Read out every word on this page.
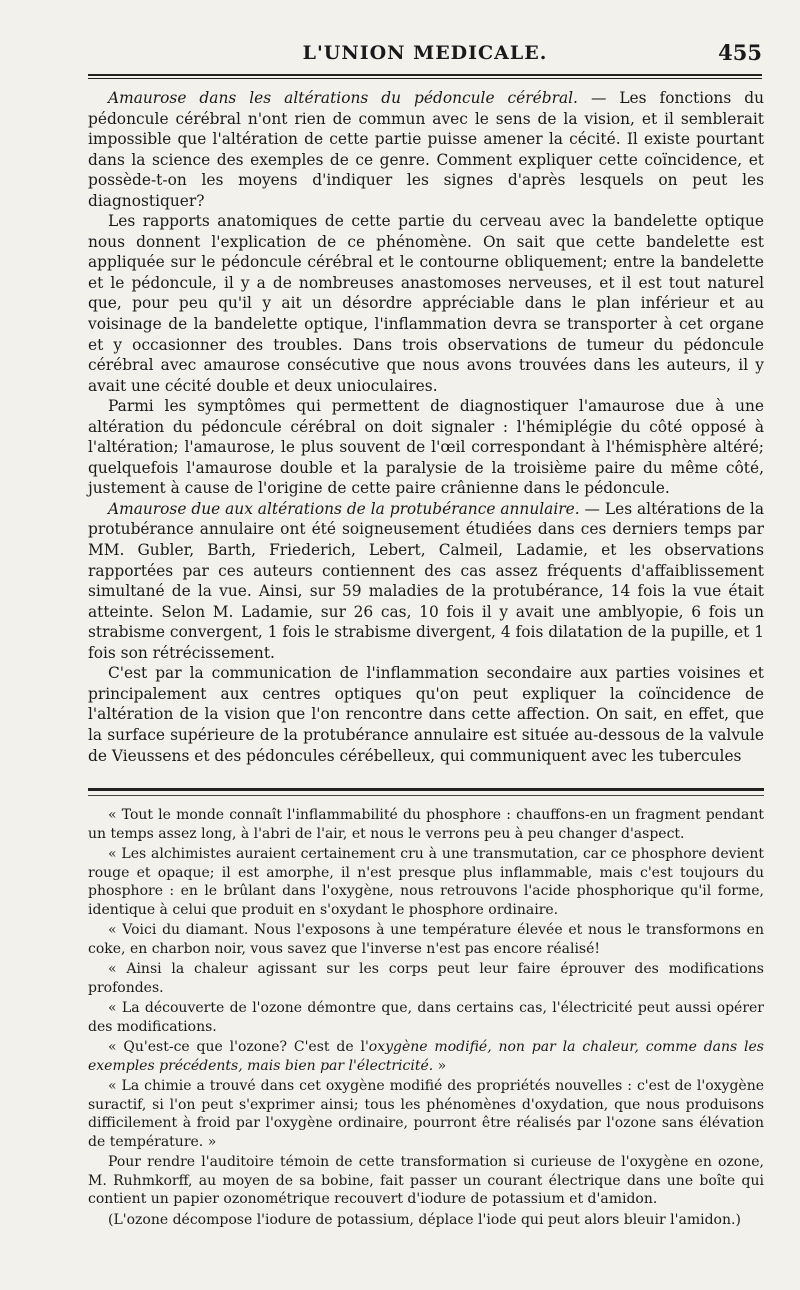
L'UNION MEDICALE.	455

Amaurose dans les altérations du pédoncule cérébral. — Les fonctions du pédoncule cérébral n'ont rien de commun avec le sens de la vision, et il semblerait impossible que l'altération de cette partie puisse amener la cécité. Il existe pourtant dans la science des exemples de ce genre. Comment expliquer cette coïncidence, et possède-t-on les moyens d'indiquer les signes d'après lesquels on peut les diagnostiquer?

Les rapports anatomiques de cette partie du cerveau avec la bandelette optique nous donnent l'explication de ce phénomène. On sait que cette bandelette est appliquée sur le pédoncule cérébral et le contourne obliquement; entre la bandelette et le pédoncule, il y a de nombreuses anastomoses nerveuses, et il est tout naturel que, pour peu qu'il y ait un désordre appréciable dans le plan inférieur et au voisinage de la bandelette optique, l'inflammation devra se transporter à cet organe et y occasionner des troubles. Dans trois observations de tumeur du pédoncule cérébral avec amaurose consécutive que nous avons trouvées dans les auteurs, il y avait une cécité double et deux unioculaires.

Parmi les symptômes qui permettent de diagnostiquer l'amaurose due à une altération du pédoncule cérébral on doit signaler : l'hémiplégie du côté opposé à l'altération; l'amaurose, le plus souvent de l'œil correspondant à l'hémisphère altéré; quelquefois l'amaurose double et la paralysie de la troisième paire du même côté, justement à cause de l'origine de cette paire crânienne dans le pédoncule.

Amaurose due aux altérations de la protubérance annulaire. — Les altérations de la protubérance annulaire ont été soigneusement étudiées dans ces derniers temps par MM. Gubler, Barth, Friederich, Lebert, Calmeil, Ladamie, et les observations rapportées par ces auteurs contiennent des cas assez fréquents d'affaiblissement simultané de la vue. Ainsi, sur 59 maladies de la protubérance, 14 fois la vue était atteinte. Selon M. Ladamie, sur 26 cas, 10 fois il y avait une amblyopie, 6 fois un strabisme convergent, 1 fois le strabisme divergent, 4 fois dilatation de la pupille, et 1 fois son rétrécissement.

C'est par la communication de l'inflammation secondaire aux parties voisines et principalement aux centres optiques qu'on peut expliquer la coïncidence de l'altération de la vision que l'on rencontre dans cette affection. On sait, en effet, que la surface supérieure de la protubérance annulaire est située au-dessous de la valvule de Vieussens et des pédoncules cérébelleux, qui communiquent avec les tubercules

« Tout le monde connaît l'inflammabilité du phosphore : chauffons-en un fragment pendant un temps assez long, à l'abri de l'air, et nous le verrons peu à peu changer d'aspect.

« Les alchimistes auraient certainement cru à une transmutation, car ce phosphore devient rouge et opaque; il est amorphe, il n'est presque plus inflammable, mais c'est toujours du phosphore : en le brûlant dans l'oxygène, nous retrouvons l'acide phosphorique qu'il forme, identique à celui que produit en s'oxydant le phosphore ordinaire.

« Voici du diamant. Nous l'exposons à une température élevée et nous le transformons en coke, en charbon noir, vous savez que l'inverse n'est pas encore réalisé!

« Ainsi la chaleur agissant sur les corps peut leur faire éprouver des modifications profondes.

« La découverte de l'ozone démontre que, dans certains cas, l'électricité peut aussi opérer des modifications.

« Qu'est-ce que l'ozone? C'est de l'oxygène modifié, non par la chaleur, comme dans les exemples précédents, mais bien par l'électricité. »

« La chimie a trouvé dans cet oxygène modifié des propriétés nouvelles : c'est de l'oxygène suractif, si l'on peut s'exprimer ainsi; tous les phénomènes d'oxydation, que nous produisons difficilement à froid par l'oxygène ordinaire, pourront être réalisés par l'ozone sans élévation de température. »

Pour rendre l'auditoire témoin de cette transformation si curieuse de l'oxygène en ozone, M. Ruhmkorff, au moyen de sa bobine, fait passer un courant électrique dans une boîte qui contient un papier ozonométrique recouvert d'iodure de potassium et d'amidon.

(L'ozone décompose l'iodure de potassium, déplace l'iode qui peut alors bleuir l'amidon.)
